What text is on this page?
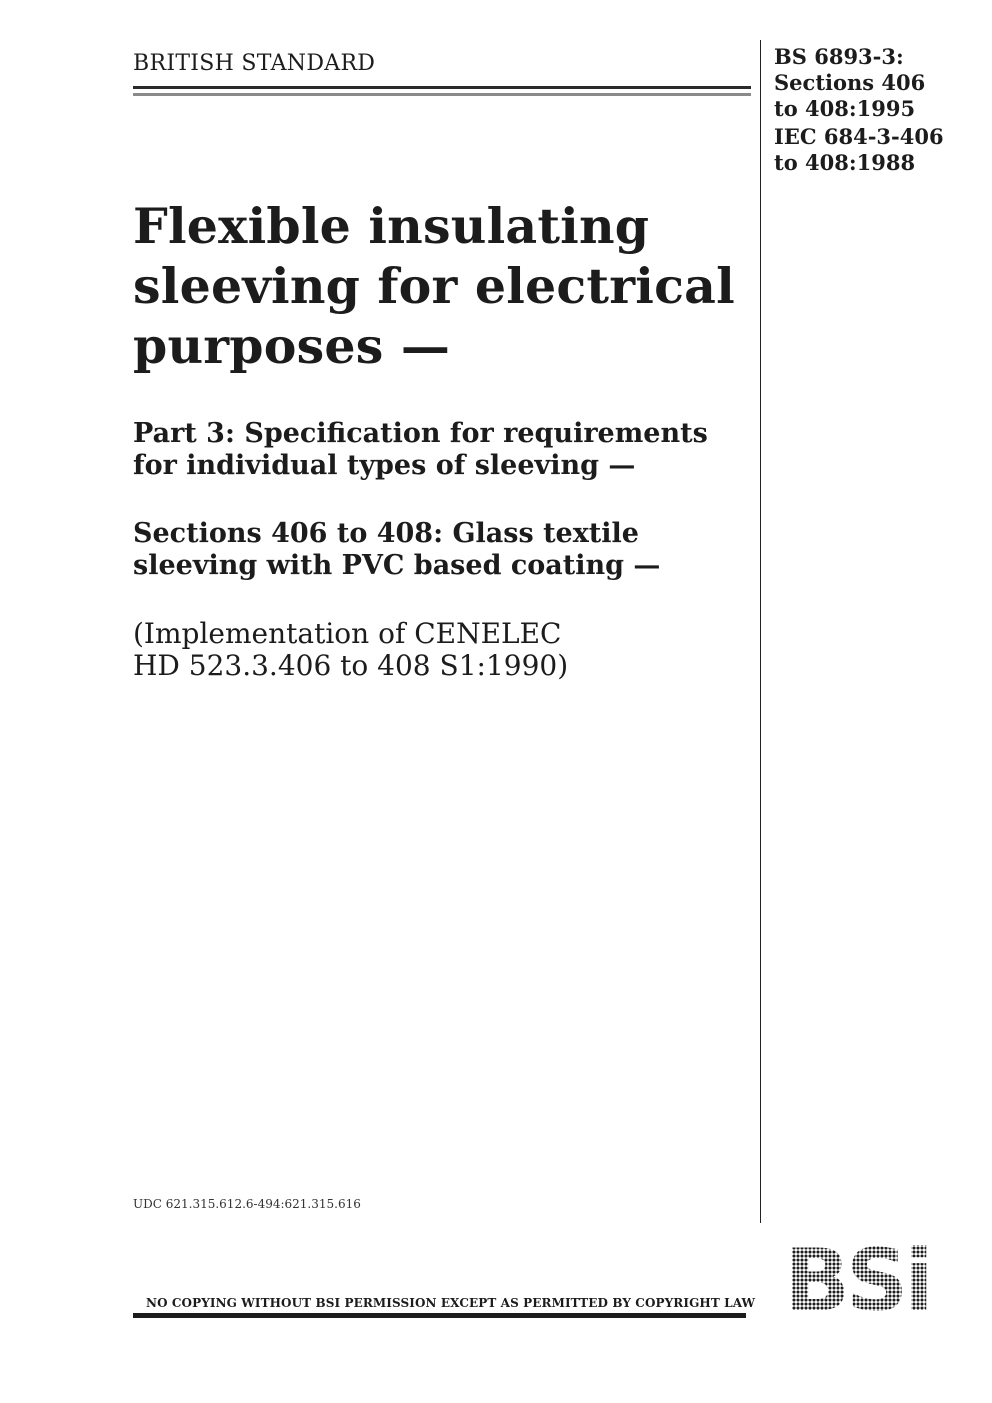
BRITISH STANDARD	BS 6893-3:
Sections 406
to 408:1995
IEC 684-3-406
to 408:1988
Flexible insulating
sleeving for electrical
purposes —
Part 3: Specification for requirements
for individual types of sleeving —
Sections 406 to 408: Glass textile
sleeving with PVC based coating —
(Implementation of CENELEC
HD 523.3.406 to 408 S1:1990)
UDC 621.315.612.6-494:621.315.616
NO COPYING WITHOUT BSI PERMISSION EXCEPT AS PERMITTED BY COPYRIGHT LAW BSi
